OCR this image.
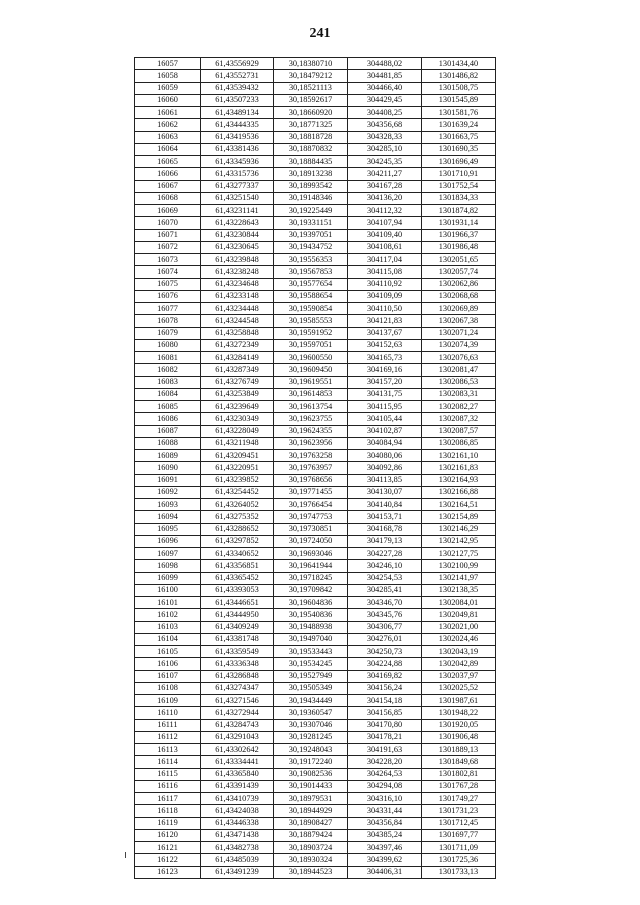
241
16057	61,43556929	30,18380710	304488,02	1301434,40
16058	61,43552731	30,18479212	304481,85	1301486,82
16059	61,43539432	30,18521113	304466,40	1301508,75
16060	61,43507233	30,18592617	304429,45	1301545,89
16061	61,43489134	30,18660920	304408,25	1301581,76
16062	61,43444335	30,18771325	304356,68	1301639,24
16063	61,43419536	30,18818728	304328,33	1301663,75
16064	61,43381436	30,18870832	304285,10	1301690,35
16065	61,43345936	30,18884435	304245,35	1301696,49
16066	61,43315736	30,18913238	304211,27	1301710,91
16067	61,43277337	30,18993542	304167,28	1301752,54
16068	61,43251540	30,19148346	304136,20	1301834,33
16069	61,43231141	30,19225449	304112,32	1301874,82
16070	61,43228643	30,19331151	304107,94	1301931,14
16071	61,43230844	30,19397051	304109,40	1301966,37
16072	61,43230645	30,19434752	304108,61	1301986,48
16073	61,43239848	30,19556353	304117,04	1302051,65
16074	61,43238248	30,19567853	304115,08	1302057,74
16075	61,43234648	30,19577654	304110,92	1302062,86
16076	61,43233148	30,19588654	304109,09	1302068,68
16077	61,43234448	30,19590854	304110,50	1302069,89
16078	61,43244548	30,19585553	304121,83	1302067,38
16079	61,43258848	30,19591952	304137,67	1302071,24
16080	61,43272349	30,19597051	304152,63	1302074,39
16081	61,43284149	30,19600550	304165,73	1302076,63
16082	61,43287349	30,19609450	304169,16	1302081,47
16083	61,43276749	30,19619551	304157,20	1302086,53
16084	61,43253849	30,19614853	304131,75	1302083,31
16085	61,43239649	30,19613754	304115,95	1302082,27
16086	61,43230349	30,19623755	304105,44	1302087,32
16087	61,43228049	30,19624355	304102,87	1302087,57
16088	61,43211948	30,19623956	304084,94	1302086,85
16089	61,43209451	30,19763258	304080,06	1302161,10
16090	61,43220951	30,19763957	304092,86	1302161,83
16091	61,43239852	30,19768656	304113,85	1302164,93
16092	61,43254452	30,19771455	304130,07	1302166,88
16093	61,43264052	30,19766454	304140,84	1302164,51
16094	61,43275352	30,19747753	304153,71	1302154,89
16095	61,43288652	30,19730851	304168,78	1302146,29
16096	61,43297852	30,19724050	304179,13	1302142,95
16097	61,43340652	30,19693046	304227,28	1302127,75
16098	61,43356851	30,19641944	304246,10	1302100,99
16099	61,43365452	30,19718245	304254,53	1302141,97
16100	61,43393053	30,19709842	304285,41	1302138,35
16101	61,43446651	30,19604836	304346,70	1302084,01
16102	61,43444950	30,19540836	304345,76	1302049,81
16103	61,43409249	30,19488938	304306,77	1302021,00
16104	61,43381748	30,19497040	304276,01	1302024,46
16105	61,43359549	30,19533443	304250,73	1302043,19
16106	61,43336348	30,19534245	304224,88	1302042,89
16107	61,43286848	30,19527949	304169,82	1302037,97
16108	61,43274347	30,19505349	304156,24	1302025,52
16109	61,43271546	30,19434449	304154,18	1301987,61
16110	61,43272944	30,19360547	304156,85	1301948,22
16111	61,43284743	30,19307046	304170,80	1301920,05
16112	61,43291043	30,19281245	304178,21	1301906,48
16113	61,43302642	30,19248043	304191,63	1301889,13
16114	61,43334441	30,19172240	304228,20	1301849,68
16115	61,43365840	30,19082536	304264,53	1301802,81
16116	61,43391439	30,19014433	304294,08	1301767,28
16117	61,43410739	30,18979531	304316,10	1301749,27
16118	61,43424038	30,18944929	304331,44	1301731,23
16119	61,43446338	30,18908427	304356,84	1301712,45
16120	61,43471438	30,18879424	304385,24	1301697,77
16121	61,43482738	30,18903724	304397,46	1301711,09
16122	61,43485039	30,18930324	304399,62	1301725,36
16123	61,43491239	30,18944523	304406,31	1301733,13
